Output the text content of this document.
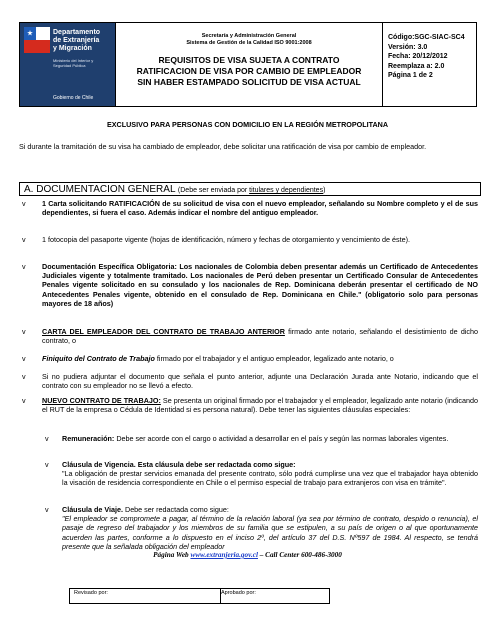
Departamento de Extranjería y Migración
Ministerio del Interior y Seguridad Pública
Gobierno de Chile
Secretaría y Administración General
Sistema de Gestión de la Calidad ISO 9001:2008
REQUISITOS DE VISA SUJETA A CONTRATO
RATIFICACION DE VISA POR CAMBIO DE EMPLEADOR
SIN HABER ESTAMPADO SOLICITUD DE VISA ACTUAL
Código:SGC-SIAC-SC4
Versión: 3.0
Fecha: 20/12/2012
Reemplaza a: 2.0
Página 1 de 2
EXCLUSIVO PARA PERSONAS CON DOMICILIO EN LA REGIÓN METROPOLITANA
Si durante la tramitación de su visa ha cambiado de empleador, debe solicitar una ratificación de visa por cambio de empleador.
A. DOCUMENTACION GENERAL (Debe ser enviada por titulares y dependientes)
v 1 Carta solicitando RATIFICACIÓN de su solicitud de visa con el nuevo empleador, señalando su Nombre completo y el de sus dependientes, si fuera el caso. Además indicar el nombre del antiguo empleador.
v 1 fotocopia del pasaporte vigente (hojas de identificación, número y fechas de otorgamiento y vencimiento de éste).
v Documentación Específica Obligatoria: Los nacionales de Colombia deben presentar además un Certificado de Antecedentes Judiciales vigente y totalmente tramitado. Los nacionales de Perú deben presentar un Certificado Consular de Antecedentes Penales vigente solicitado en su consulado y los nacionales de Rep. Dominicana deberán presentar el certificado de NO Antecedentes Penales vigente, obtenido en el consulado de Rep. Dominicana en Chile." (obligatorio solo para personas mayores de 18 años)
v CARTA DEL EMPLEADOR DEL CONTRATO DE TRABAJO ANTERIOR firmado ante notario, señalando el desistimiento de dicho contrato, o
v Finiquito del Contrato de Trabajo firmado por el trabajador y el antiguo empleador, legalizado ante notario, o
v Si no pudiera adjuntar el documento que señala el punto anterior, adjunte una Declaración Jurada ante Notario, indicando que el contrato con su empleador no se llevó a efecto.
v NUEVO CONTRATO DE TRABAJO: Se presenta un original firmado por el trabajador y el empleador, legalizado ante notario (indicando el RUT de la empresa o Cédula de Identidad si es persona natural). Debe tener las siguientes cláusulas especiales:
v Remuneración: Debe ser acorde con el cargo o actividad a desarrollar en el país y según las normas laborales vigentes.
v Cláusula de Vigencia. Esta cláusula debe ser redactada como sigue:
"La obligación de prestar servicios emanada del presente contrato, sólo podrá cumplirse una vez que el trabajador haya obtenido la visación de residencia correspondiente en Chile o el permiso especial de trabajo para extranjeros con visa en trámite".
v Cláusula de Viaje. Debe ser redactada como sigue:
"El empleador se compromete a pagar, al término de la relación laboral (ya sea por término de contrato, despido o renuncia), el pasaje de regreso del trabajador y los miembros de su familia que se estipulen, a su país de origen o al que oportunamente acuerden las partes, conforme a lo dispuesto en el inciso 2º, del artículo 37 del D.S. Nº597 de 1984. Al respecto, se tendrá presente que la señalada obligación del empleador
Página Web www.extranjeria.gov.cl – Call Center 600-486-3000
Revisado por:	Aprobado por:
